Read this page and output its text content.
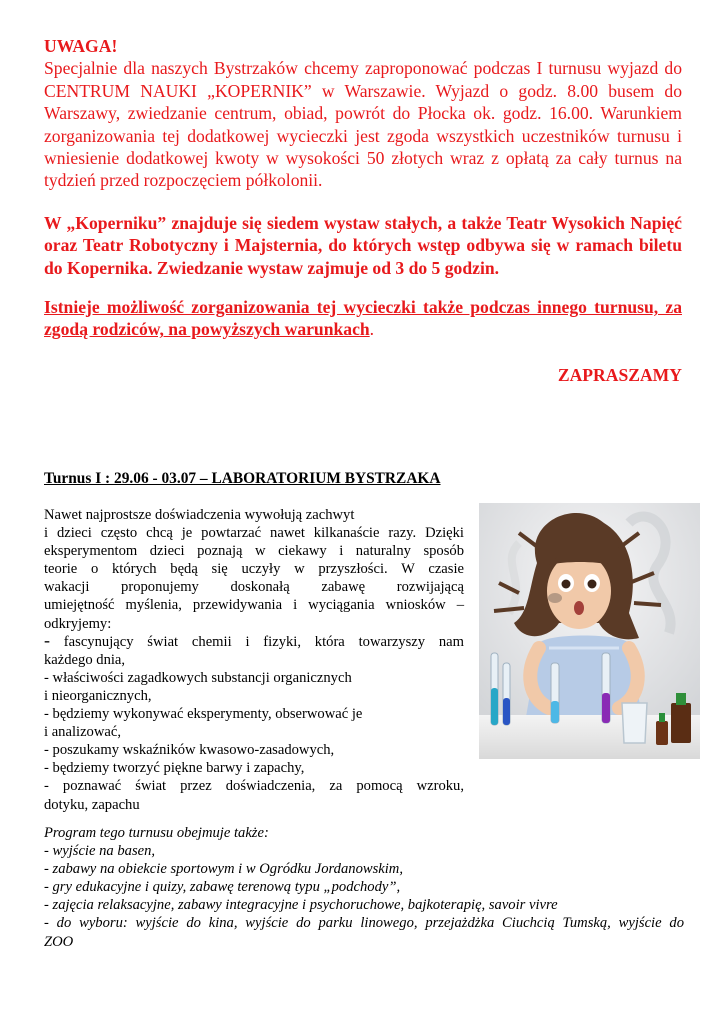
UWAGA!

Specjalnie dla naszych Bystrzaków chcemy zaproponować podczas I turnusu wyjazd do CENTRUM NAUKI „KOPERNIK” w Warszawie. Wyjazd o godz. 8.00 busem do Warszawy, zwiedzanie centrum, obiad, powrót do Płocka ok. godz. 16.00. Warunkiem zorganizowania tej dodatkowej wycieczki jest zgoda wszystkich uczestników turnusu i wniesienie dodatkowej kwoty w wysokości 50 złotych wraz z opłatą za cały turnus na tydzień przed rozpoczęciem półkolonii.

W „Koperniku” znajduje się siedem wystaw stałych, a także Teatr Wysokich Napięć oraz Teatr Robotyczny i Majsternia, do których wstęp odbywa się w ramach biletu do Kopernika. Zwiedzanie wystaw zajmuje od 3 do 5 godzin.

Istnieje możliwość zorganizowania tej wycieczki także podczas innego turnusu, za zgodą rodziców, na powyższych warunkach.

ZAPRASZAMY

Turnus I : 29.06 - 03.07 – LABORATORIUM BYSTRZAKA

Nawet najprostsze doświadczenia wywołują zachwyt

i dzieci często chcą je powtarzać nawet kilkanaście razy. Dzięki

eksperymentom dzieci poznają w ciekawy i naturalny sposób

teorie o których będą się uczyły w przyszłości. W czasie

wakacji proponujemy doskonałą zabawę rozwijającą

umiejętność myślenia, przewidywania i wyciągania wniosków –

odkryjemy:

- fascynujący świat chemii i fizyki, która towarzyszy nam

każdego dnia,

- właściwości zagadkowych substancji organicznych

i nieorganicznych,

- będziemy wykonywać eksperymenty, obserwować je

i analizować,

- poszukamy wskaźników kwasowo-zasadowych,

- będziemy tworzyć piękne barwy i zapachy,

- poznawać świat przez doświadczenia, za pomocą wzroku,

dotyku, zapachu

Program tego turnusu obejmuje także:

- wyjście na basen,

- zabawy na obiekcie sportowym i w Ogródku Jordanowskim,

- gry edukacyjne i quizy, zabawę terenową typu „podchody”,

- zajęcia relaksacyjne, zabawy integracyjne i psychoruchowe, bajkoterapię, savoir vivre

- do wyboru: wyjście do kina, wyjście do parku linowego, przejażdżka Ciuchcią Tumską, wyjście do

ZOO
